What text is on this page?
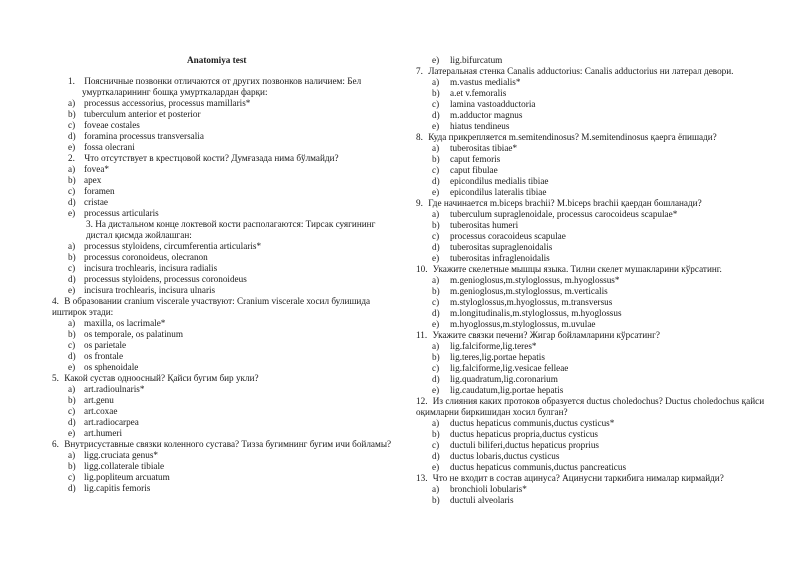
Anatomiya test
1. Поясничные позвонки отличаются от других позвонков наличием: Бел умурткаларининг бошқа умурткалардан фарқи:
a) processus accessorius, processus mamillaris*
b) tuberculum anterior et posterior
c) foveae costales
d) foramina processus transversalia
e) fossa olecrani
2. Что отсутствует в крестцовой кости? Думғазада нима бўлмайди?
a) fovea*
b) apex
c) foramen
d) cristae
e) processus articularis
3. На дистальном конце локтевой кости располагаются: Тирсак суягининг дистал қисмда жойлашган:
a) processus styloidens, circumferentia articularis*
b) processus coronoideus, olecranon
c) incisura trochlearis, incisura radialis
d) processus styloidens, processus coronoideus
e) incisura trochlearis, incisura ulnaris
4. В образовании cranium viscerale участвуют: Cranium viscerale хосил булишида иштирок этади:
a) maxilla, os lacrimale*
b) os temporale, os palatinum
c) os parietale
d) os frontale
e) os sphenoidale
5. Какой сустав одноосный? Қайси бугим бир укли?
a) art.radioulnaris*
b) art.genu
c) art.coxae
d) art.radiocarpea
e) art.humeri
6. Внутрисуставные связки коленного сустава? Тизза бугимнинг бугим ичи бойламы?
a) ligg.cruciata genus*
b) ligg.collaterale tibiale
c) lig.popliteum arcuatum
d) lig.capitis femoris
e) lig.bifurcatum
7. Латеральная стенка Canalis adductorius: Canalis adductorius ни латерал девори.
a) m.vastus medialis*
b) a.et v.femoralis
c) lamina vastoadductoria
d) m.adductor magnus
e) hiatus tendineus
8. Куда прикрепляется m.semitendinosus? M.semitendinosus қаерга ёпишади?
a) tuberositas tibiae*
b) caput femoris
c) caput fibulae
d) epicondilus medialis tibiae
e) epicondilus lateralis tibiae
9. Где начинается m.biceps brachii? M.biceps brachii қаердан бошланади?
a) tuberculum supraglenoidale, processus carocoideus scapulae*
b) tuberositas humeri
c) processus coracoideus scapulae
d) tuberositas supraglenoidalis
e) tuberositas infraglenoidalis
10. Укажите скелетные мышцы языка. Тилни скелет мушакларини кўрсатинг.
a) m.genioglosus,m.styloglossus, m.hyoglossus*
b) m.genioglosus,m.styloglossus, m.verticalis
c) m.styloglossus,m.hyoglossus, m.transversus
d) m.longitudinalis,m.styloglossus, m.hyoglossus
e) m.hyoglossus,m.styloglossus, m.uvulae
11. Укажите связки печени? Жигар бойламларини кўрсатинг?
a) lig.falciforme,lig.teres*
b) lig.teres,lig.portae hepatis
c) lig.falciforme,lig.vesicae felleae
d) lig.quadratum,lig.coronarium
e) lig.caudatum,lig.portae hepatis
12. Из слияния каких протоков образуется ductus choledochus? Ductus choledochus қайси оқимларни биркишидан хосил булган?
a) ductus hepaticus communis,ductus cysticus*
b) ductus hepaticus propria,ductus cysticus
c) ductuli biliferi,ductus hepaticus proprius
d) ductus lobaris,ductus cysticus
e) ductus hepaticus communis,ductus pancreaticus
13. Что не входит в состав ацинуса? Ацинусни таркибига нималар кирмайди?
a) bronchioli lobularis*
b) ductuli alveolaris
